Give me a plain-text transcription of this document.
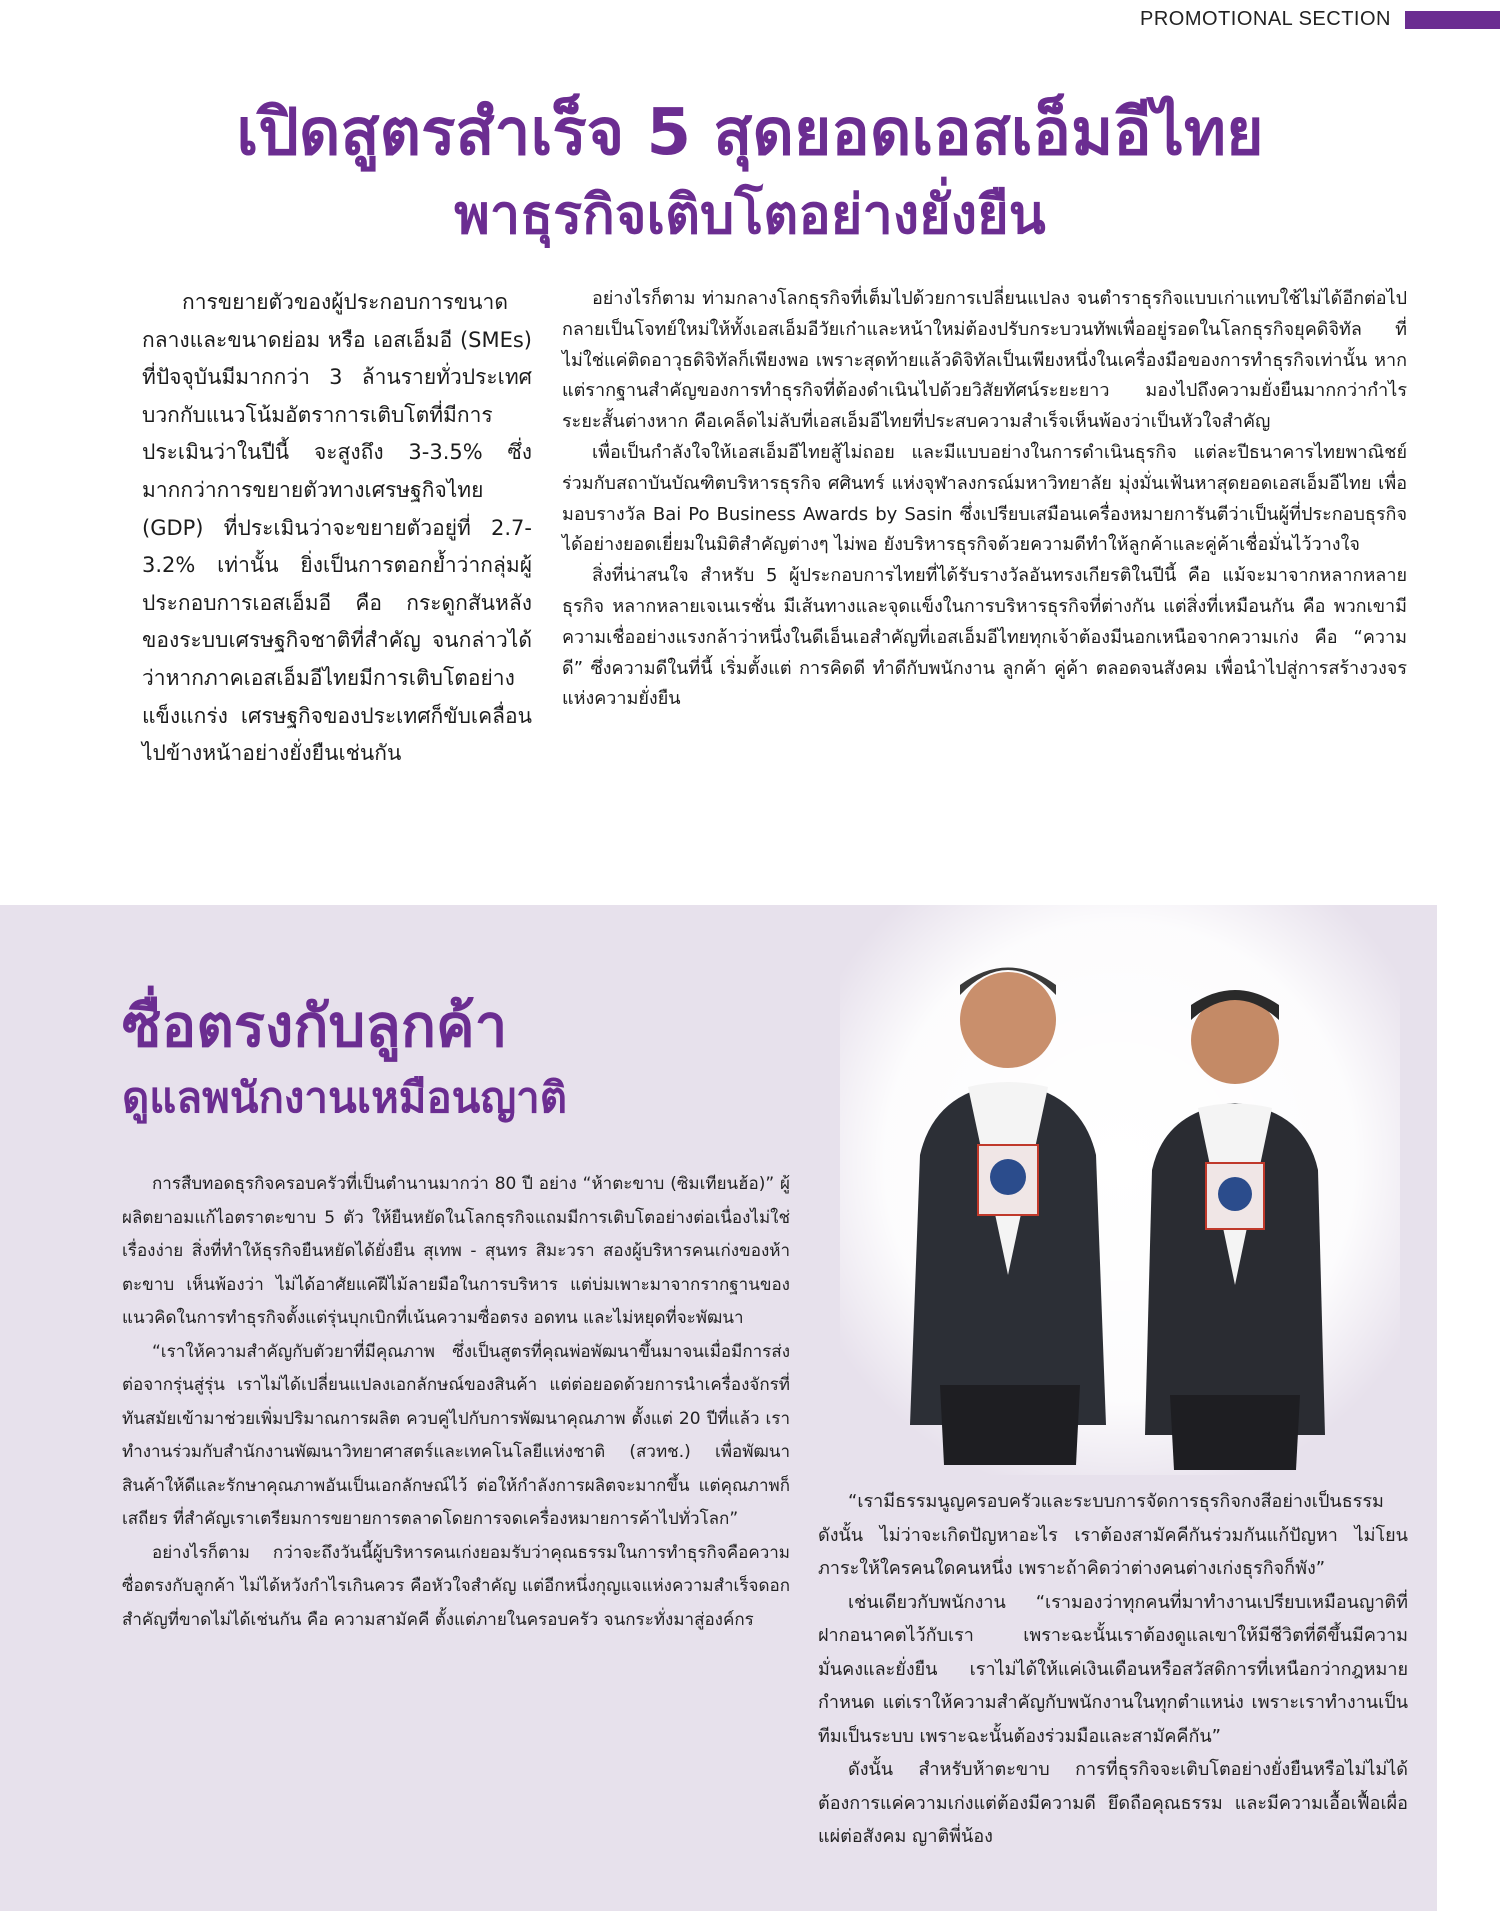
PROMOTIONAL SECTION
เปิดสูตรสำเร็จ 5 สุดยอดเอสเอ็มอีไทย
พาธุรกิจเติบโตอย่างยั่งยืน

การขยายตัวของผู้ประกอบการขนาดกลางและขนาดย่อม หรือ เอสเอ็มอี (SMEs) ที่ปัจจุบันมีมากกว่า 3 ล้านรายทั่วประเทศ บวกกับแนวโน้มอัตราการเติบโตที่มีการประเมินว่าในปีนี้ จะสูงถึง 3-3.5% ซึ่งมากกว่าการขยายตัวทางเศรษฐกิจไทย (GDP) ที่ประเมินว่าจะขยายตัวอยู่ที่ 2.7-3.2% เท่านั้น ยิ่งเป็นการตอกย้ำว่ากลุ่มผู้ประกอบการเอสเอ็มอี คือ กระดูกสันหลังของระบบเศรษฐกิจชาติที่สำคัญ จนกล่าวได้ว่าหากภาคเอสเอ็มอีไทยมีการเติบโตอย่างแข็งแกร่ง เศรษฐกิจของประเทศก็ขับเคลื่อนไปข้างหน้าอย่างยั่งยืนเช่นกัน

อย่างไรก็ตาม ท่ามกลางโลกธุรกิจที่เต็มไปด้วยการเปลี่ยนแปลง จนตำราธุรกิจแบบเก่าแทบใช้ไม่ได้อีกต่อไป กลายเป็นโจทย์ใหม่ให้ทั้งเอสเอ็มอีวัยเก๋าและหน้าใหม่ต้องปรับกระบวนทัพเพื่ออยู่รอดในโลกธุรกิจยุคดิจิทัล ที่ไม่ใช่แค่ติดอาวุธดิจิทัลก็เพียงพอ เพราะสุดท้ายแล้วดิจิทัลเป็นเพียงหนึ่งในเครื่องมือของการทำธุรกิจเท่านั้น หากแต่รากฐานสำคัญของการทำธุรกิจที่ต้องดำเนินไปด้วยวิสัยทัศน์ระยะยาว มองไปถึงความยั่งยืนมากกว่ากำไรระยะสั้นต่างหาก คือเคล็ดไม่ลับที่เอสเอ็มอีไทยที่ประสบความสำเร็จเห็นพ้องว่าเป็นหัวใจสำคัญ

เพื่อเป็นกำลังใจให้เอสเอ็มอีไทยสู้ไม่ถอย และมีแบบอย่างในการดำเนินธุรกิจ แต่ละปีธนาคารไทยพาณิชย์ร่วมกับสถาบันบัณฑิตบริหารธุรกิจ ศศินทร์ แห่งจุฬาลงกรณ์มหาวิทยาลัย มุ่งมั่นเฟ้นหาสุดยอดเอสเอ็มอีไทย เพื่อมอบรางวัล Bai Po Business Awards by Sasin ซึ่งเปรียบเสมือนเครื่องหมายการันตีว่าเป็นผู้ที่ประกอบธุรกิจได้อย่างยอดเยี่ยมในมิติสำคัญต่างๆ ไม่พอ ยังบริหารธุรกิจด้วยความดีทำให้ลูกค้าและคู่ค้าเชื่อมั่นไว้วางใจ

สิ่งที่น่าสนใจ สำหรับ 5 ผู้ประกอบการไทยที่ได้รับรางวัลอันทรงเกียรติในปีนี้ คือ แม้จะมาจากหลากหลายธุรกิจ หลากหลายเจเนเรชั่น มีเส้นทางและจุดแข็งในการบริหารธุรกิจที่ต่างกัน แต่สิ่งที่เหมือนกัน คือ พวกเขามีความเชื่ออย่างแรงกล้าว่าหนึ่งในดีเอ็นเอสำคัญที่เอสเอ็มอีไทยทุกเจ้าต้องมีนอกเหนือจากความเก่ง คือ “ความดี” ซึ่งความดีในที่นี้ เริ่มตั้งแต่ การคิดดี ทำดีกับพนักงาน ลูกค้า คู่ค้า ตลอดจนสังคม เพื่อนำไปสู่การสร้างวงจรแห่งความยั่งยืน

ซื่อตรงกับลูกค้า
ดูแลพนักงานเหมือนญาติ

การสืบทอดธุรกิจครอบครัวที่เป็นตำนานมากว่า 80 ปี อย่าง “ห้าตะขาบ (ซิมเทียนฮ้อ)” ผู้ผลิตยาอมแก้ไอตราตะขาบ 5 ตัว ให้ยืนหยัดในโลกธุรกิจแถมมีการเติบโตอย่างต่อเนื่องไม่ใช่เรื่องง่าย สิ่งที่ทำให้ธุรกิจยืนหยัดได้ยั่งยืน สุเทพ - สุนทร สิมะวรา สองผู้บริหารคนเก่งของห้าตะขาบ เห็นพ้องว่า ไม่ได้อาศัยแค่ฝีไม้ลายมือในการบริหาร แต่บ่มเพาะมาจากรากฐานของแนวคิดในการทำธุรกิจตั้งแต่รุ่นบุกเบิกที่เน้นความซื่อตรง อดทน และไม่หยุดที่จะพัฒนา

“เราให้ความสำคัญกับตัวยาที่มีคุณภาพ ซึ่งเป็นสูตรที่คุณพ่อพัฒนาขึ้นมาจนเมื่อมีการส่งต่อจากรุ่นสู่รุ่น เราไม่ได้เปลี่ยนแปลงเอกลักษณ์ของสินค้า แต่ต่อยอดด้วยการนำเครื่องจักรที่ทันสมัยเข้ามาช่วยเพิ่มปริมาณการผลิต ควบคู่ไปกับการพัฒนาคุณภาพ ตั้งแต่ 20 ปีที่แล้ว เราทำงานร่วมกับสำนักงานพัฒนาวิทยาศาสตร์และเทคโนโลยีแห่งชาติ (สวทช.) เพื่อพัฒนาสินค้าให้ดีและรักษาคุณภาพอันเป็นเอกลักษณ์ไว้ ต่อให้กำลังการผลิตจะมากขึ้น แต่คุณภาพก็เสถียร ที่สำคัญเราเตรียมการขยายการตลาดโดยการจดเครื่องหมายการค้าไปทั่วโลก”

อย่างไรก็ตาม กว่าจะถึงวันนี้ผู้บริหารคนเก่งยอมรับว่าคุณธรรมในการทำธุรกิจคือความซื่อตรงกับลูกค้า ไม่ได้หวังกำไรเกินควร คือหัวใจสำคัญ แต่อีกหนึ่งกุญแจแห่งความสำเร็จดอกสำคัญที่ขาดไม่ได้เช่นกัน คือ ความสามัคคี ตั้งแต่ภายในครอบครัว จนกระทั่งมาสู่องค์กร

“เรามีธรรมนูญครอบครัวและระบบการจัดการธุรกิจกงสีอย่างเป็นธรรม ดังนั้น ไม่ว่าจะเกิดปัญหาอะไร เราต้องสามัคคีกันร่วมกันแก้ปัญหา ไม่โยนภาระให้ใครคนใดคนหนึ่ง เพราะถ้าคิดว่าต่างคนต่างเก่งธุรกิจก็พัง”

เช่นเดียวกับพนักงาน “เรามองว่าทุกคนที่มาทำงานเปรียบเหมือนญาติที่ฝากอนาคตไว้กับเรา เพราะฉะนั้นเราต้องดูแลเขาให้มีชีวิตที่ดีขึ้นมีความมั่นคงและยั่งยืน เราไม่ได้ให้แค่เงินเดือนหรือสวัสดิการที่เหนือกว่ากฎหมายกำหนด แต่เราให้ความสำคัญกับพนักงานในทุกตำแหน่ง เพราะเราทำงานเป็นทีมเป็นระบบ เพราะฉะนั้นต้องร่วมมือและสามัคคีกัน”

ดังนั้น สำหรับห้าตะขาบ การที่ธุรกิจจะเติบโตอย่างยั่งยืนหรือไม่ไม่ได้ต้องการแค่ความเก่งแต่ต้องมีความดี ยึดถือคุณธรรม และมีความเอื้อเฟื้อเผื่อแผ่ต่อสังคม ญาติพี่น้อง
